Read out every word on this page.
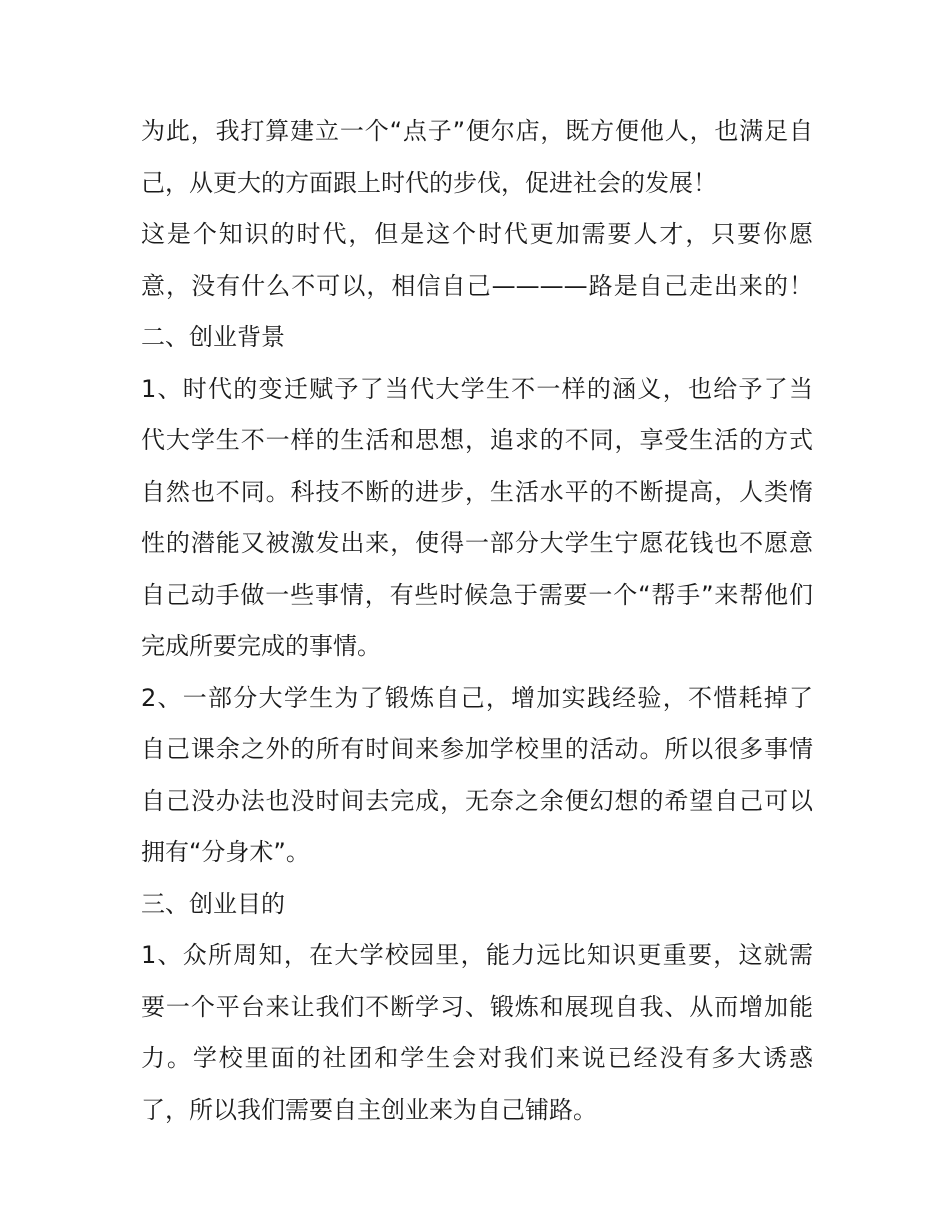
为此，我打算建立一个“点子”便尔店，既方便他人，也满足自
己，从更大的方面跟上时代的步伐，促进社会的发展！
这是个知识的时代，但是这个时代更加需要人才，只要你愿
意，没有什么不可以，相信自己————路是自己走出来的！
二、创业背景
1、时代的变迁赋予了当代大学生不一样的涵义，也给予了当
代大学生不一样的生活和思想，追求的不同，享受生活的方式
自然也不同。科技不断的进步，生活水平的不断提高，人类惰
性的潜能又被激发出来，使得一部分大学生宁愿花钱也不愿意
自己动手做一些事情，有些时候急于需要一个“帮手”来帮他们
完成所要完成的事情。
2、一部分大学生为了锻炼自己，增加实践经验，不惜耗掉了
自己课余之外的所有时间来参加学校里的活动。所以很多事情
自己没办法也没时间去完成，无奈之余便幻想的希望自己可以
拥有“分身术”。
三、创业目的
1、众所周知，在大学校园里，能力远比知识更重要，这就需
要一个平台来让我们不断学习、锻炼和展现自我、从而增加能
力。学校里面的社团和学生会对我们来说已经没有多大诱惑
了，所以我们需要自主创业来为自己铺路。
